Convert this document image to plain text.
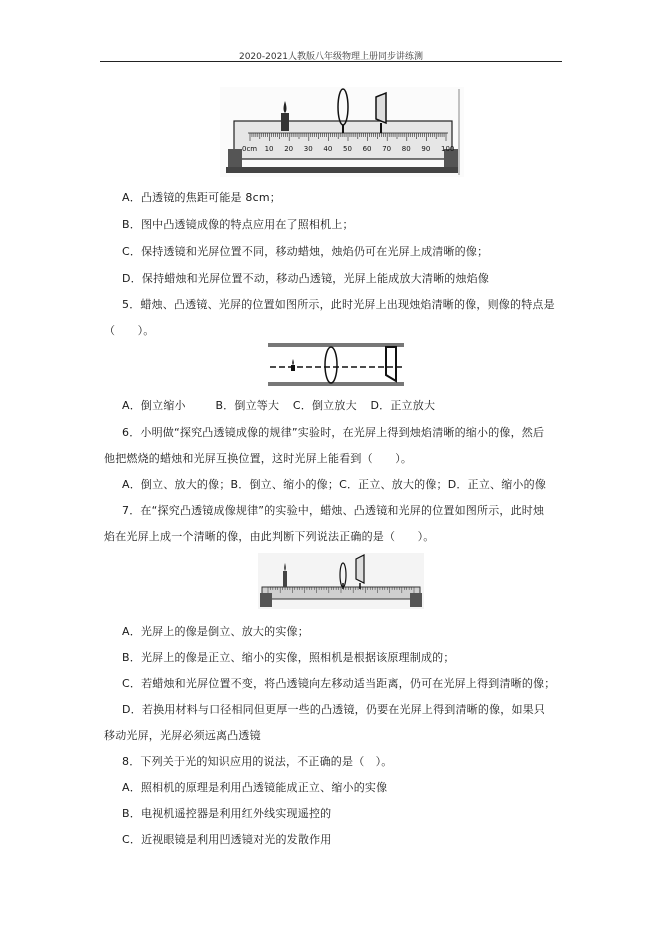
2020-2021人教版八年级物理上册同步讲练测
0cm 10 20 30 40 50 60 70 80 90 100
A．凸透镜的焦距可能是 8cm；
B．图中凸透镜成像的特点应用在了照相机上；
C．保持透镜和光屏位置不同，移动蜡烛，烛焰仍可在光屏上成清晰的像；
D．保持蜡烛和光屏位置不动，移动凸透镜，光屏上能成放大清晰的烛焰像
5．蜡烛、凸透镜、光屏的位置如图所示，此时光屏上出现烛焰清晰的像，则像的特点是
（　　）。
A．倒立缩小	B．倒立等大 C．倒立放大 D．正立放大
6．小明做“探究凸透镜成像的规律”实验时，在光屏上得到烛焰清晰的缩小的像，然后
他把燃烧的蜡烛和光屏互换位置，这时光屏上能看到（　　）。
A．倒立、放大的像；B．倒立、缩小的像；C．正立、放大的像；D．正立、缩小的像
7．在“探究凸透镜成像规律”的实验中，蜡烛、凸透镜和光屏的位置如图所示，此时烛
焰在光屏上成一个清晰的像，由此判断下列说法正确的是（　　）。
A．光屏上的像是倒立、放大的实像；
B．光屏上的像是正立、缩小的实像，照相机是根据该原理制成的；
C．若蜡烛和光屏位置不变，将凸透镜向左移动适当距离，仍可在光屏上得到清晰的像；
D．若换用材料与口径相同但更厚一些的凸透镜，仍要在光屏上得到清晰的像，如果只
移动光屏，光屏必须远离凸透镜
8．下列关于光的知识应用的说法，不正确的是（　）。
A．照相机的原理是利用凸透镜能成正立、缩小的实像
B．电视机遥控器是利用红外线实现遥控的
C．近视眼镜是利用凹透镜对光的发散作用
